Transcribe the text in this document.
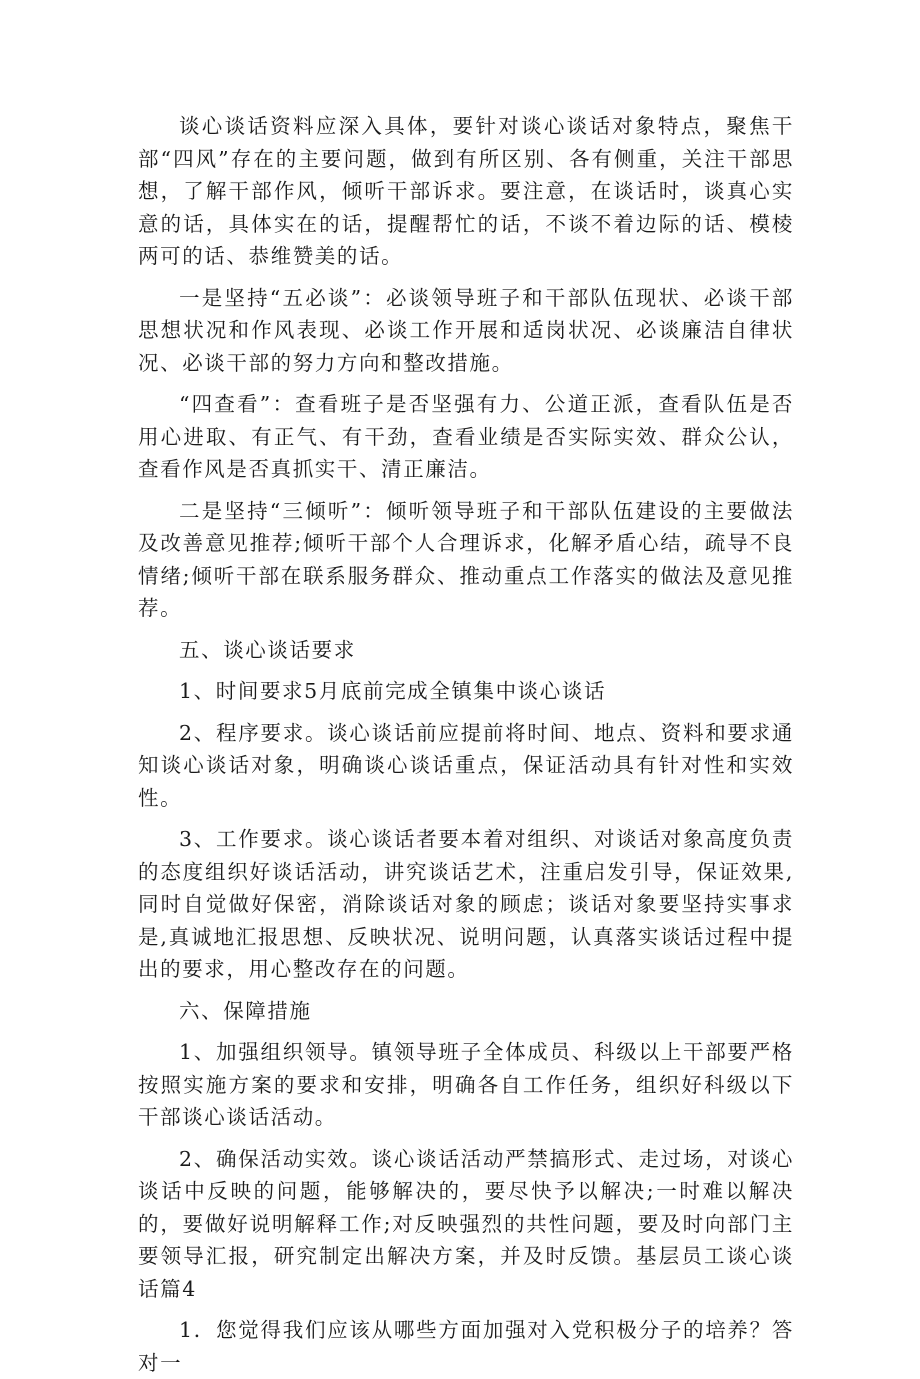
谈心谈话资料应深入具体，要针对谈心谈话对象特点，聚焦干部“四风”存在的主要问题，做到有所区别、各有侧重，关注干部思想，了解干部作风，倾听干部诉求。要注意，在谈话时，谈真心实意的话，具体实在的话，提醒帮忙的话，不谈不着边际的话、模棱两可的话、恭维赞美的话。

一是坚持“五必谈”：必谈领导班子和干部队伍现状、必谈干部思想状况和作风表现、必谈工作开展和适岗状况、必谈廉洁自律状况、必谈干部的努力方向和整改措施。

“四查看”：查看班子是否坚强有力、公道正派，查看队伍是否用心进取、有正气、有干劲，查看业绩是否实际实效、群众公认，查看作风是否真抓实干、清正廉洁。

二是坚持“三倾听”：倾听领导班子和干部队伍建设的主要做法及改善意见推荐;倾听干部个人合理诉求，化解矛盾心结，疏导不良情绪;倾听干部在联系服务群众、推动重点工作落实的做法及意见推荐。

五、谈心谈话要求

1、时间要求5月底前完成全镇集中谈心谈话

2、程序要求。谈心谈话前应提前将时间、地点、资料和要求通知谈心谈话对象，明确谈心谈话重点，保证活动具有针对性和实效性。

3、工作要求。谈心谈话者要本着对组织、对谈话对象高度负责的态度组织好谈话活动，讲究谈话艺术，注重启发引导，保证效果,同时自觉做好保密，消除谈话对象的顾虑；谈话对象要坚持实事求是,真诚地汇报思想、反映状况、说明问题，认真落实谈话过程中提出的要求，用心整改存在的问题。

六、保障措施

1、加强组织领导。镇领导班子全体成员、科级以上干部要严格按照实施方案的要求和安排，明确各自工作任务，组织好科级以下干部谈心谈话活动。

2、确保活动实效。谈心谈话活动严禁搞形式、走过场，对谈心谈话中反映的问题，能够解决的，要尽快予以解决;一时难以解决的，要做好说明解释工作;对反映强烈的共性问题，要及时向部门主要领导汇报，研究制定出解决方案，并及时反馈。基层员工谈心谈话篇4

1．您觉得我们应该从哪些方面加强对入党积极分子的培养？答对一
